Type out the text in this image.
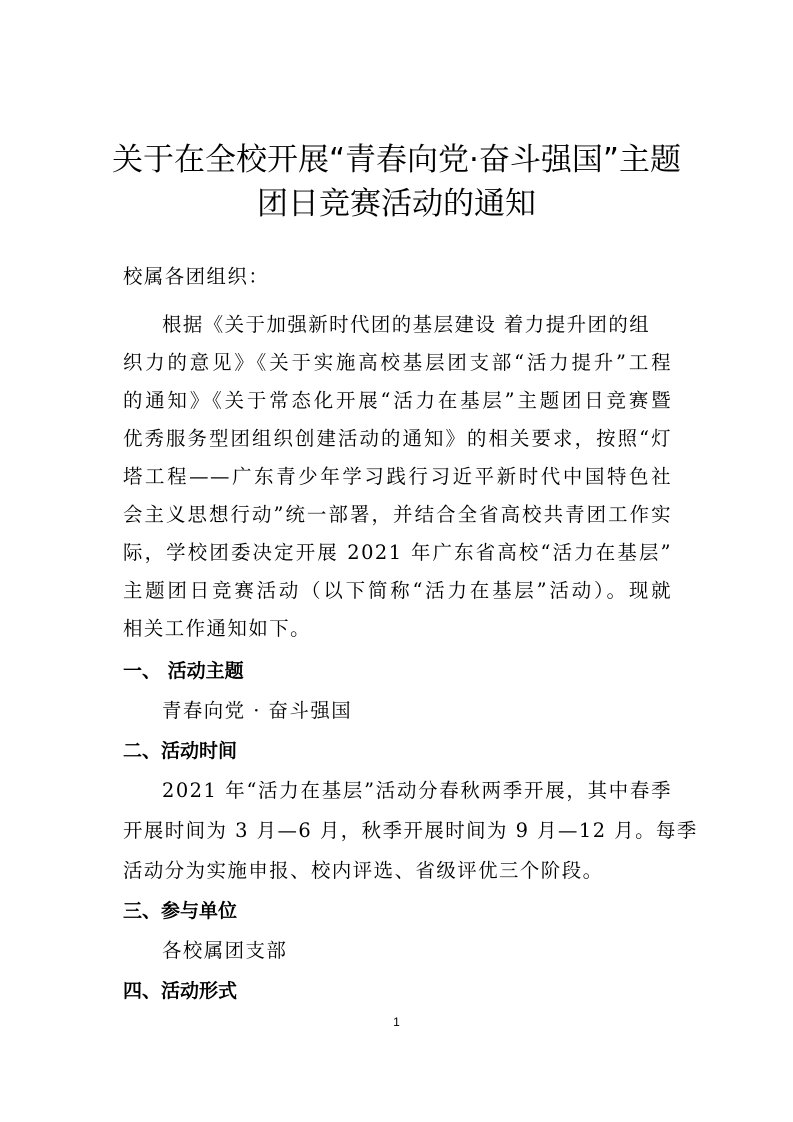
关于在全校开展“青春向党·奋斗强国”主题
团日竞赛活动的通知
校属各团组织：
根据《关于加强新时代团的基层建设 着力提升团的组
织力的意见》《关于实施高校基层团支部“活力提升”工程
的通知》《关于常态化开展“活力在基层”主题团日竞赛暨
优秀服务型团组织创建活动的通知》的相关要求，按照“灯
塔工程——广东青少年学习践行习近平新时代中国特色社
会主义思想行动”统一部署，并结合全省高校共青团工作实
际，学校团委决定开展 2021 年广东省高校“活力在基层”
主题团日竞赛活动（以下简称“活力在基层”活动）。现就
相关工作通知如下。
一、 活动主题
青春向党 · 奋斗强国
二、活动时间
2021 年“活力在基层”活动分春秋两季开展，其中春季
开展时间为 3 月—6 月，秋季开展时间为 9 月—12 月。每季
活动分为实施申报、校内评选、省级评优三个阶段。
三、参与单位
各校属团支部
四、活动形式
1
